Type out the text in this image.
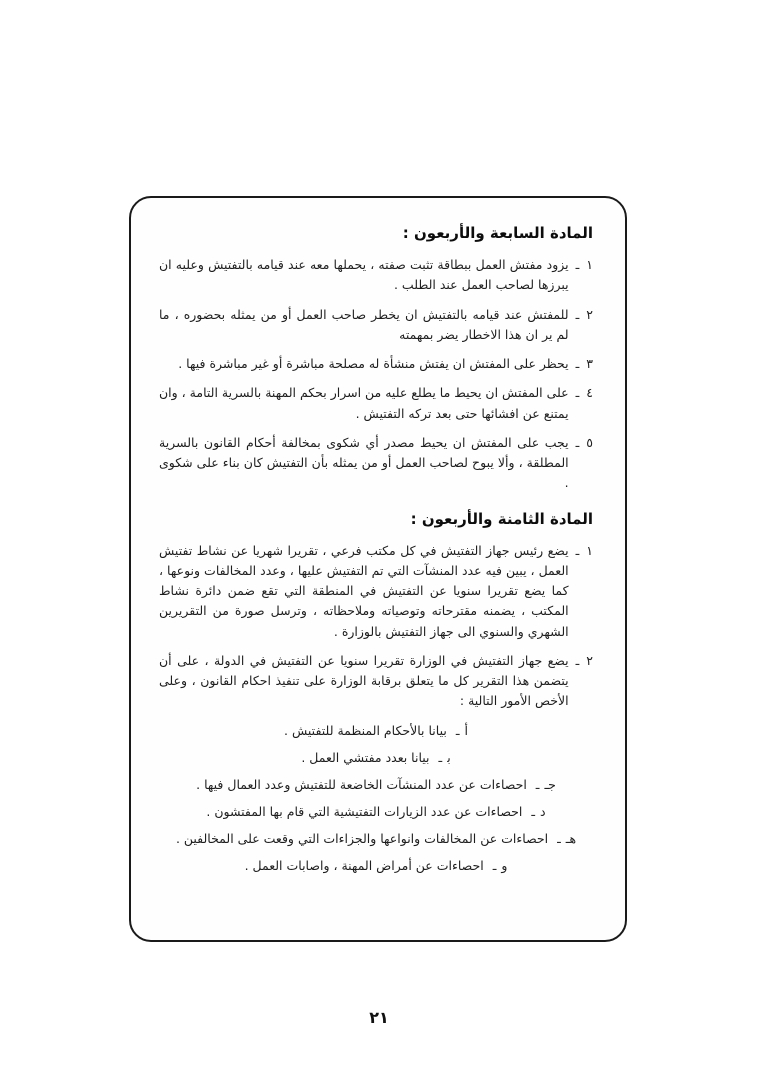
المادة السابعة والأربعون :
١
ـ

يزود مفتش العمل ببطاقة تثبت صفته ، يحملها معه عند قيامه بالتفتيش وعليه ان يبرزها لصاحب العمل عند الطلب .

٢
ـ

للمفتش عند قيامه بالتفتيش ان يخطر صاحب العمل أو من يمثله بحضوره ، ما لم ير ان هذا الاخطار يضر بمهمته

٣
ـ

يحظر على المفتش ان يفتش منشأة له مصلحة مباشرة أو غير مباشرة فيها .

٤
ـ

على المفتش ان يحيط ما يطلع عليه من اسرار بحكم المهنة بالسرية التامة ، وان يمتنع عن افشائها حتى بعد تركه التفتيش .

٥
ـ

يجب على المفتش ان يحيط مصدر أي شكوى بمخالفة أحكام القانون بالسرية المطلقة ، وألا يبوح لصاحب العمل أو من يمثله بأن التفتيش كان بناء على شكوى .

المادة الثامنة والأربعون :
١
ـ

يضع رئيس جهاز التفتيش في كل مكتب فرعي ، تقريرا شهريا عن نشاط تفتيش العمل ، يبين فيه عدد المنشآت التي تم التفتيش عليها ، وعدد المخالفات ونوعها ، كما يضع تقريرا سنويا عن التفتيش في المنطقة التي تقع ضمن دائرة نشاط المكتب ، يضمنه مقترحاته وتوصياته وملاحظاته ، وترسل صورة من التقريرين الشهري والسنوي الى جهاز التفتيش بالوزارة .

٢
ـ

يضع جهاز التفتيش في الوزارة تقريرا سنويا عن التفتيش في الدولة ، على أن يتضمن هذا التقرير كل ما يتعلق برقابة الوزارة على تنفيذ احكام القانون ، وعلى الأخص الأمور التالية :

أـ بيانا بالأحكام المنظمة للتفتيش .
بـ بيانا بعدد مفتشي العمل .
جــ احصاءات عن عدد المنشآت الخاضعة للتفتيش وعدد العمال فيها .
دـ احصاءات عن عدد الزيارات التفتيشية التي قام بها المفتشون .
هــ احصاءات عن المخالفات وانواعها والجزاءات التي وقعت على المخالفين .
وـ احصاءات عن أمراض المهنة ، واصابات العمل .
٢١
